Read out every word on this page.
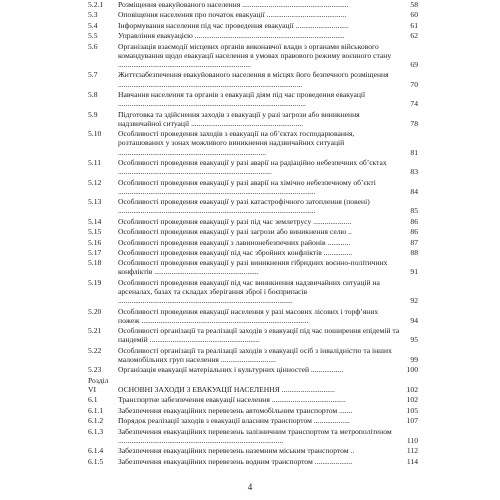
5.2.1	Розміщення евакуйованого населення ........................................................	58
5.3	Оповіщення населення про початок евакуації ..........................................	60
5.4	Інформування населення під час проведення евакуації ............................	61
5.5	Управління евакуацією ...............................................................................	62
5.6	Організація взаємодії місцевих органів виконавчої влади з органами військового командування щодо евакуації населення в умовах правового режиму воєнного стану ......................................................................	69
5.7	Життєзабезпечення евакуйованого населення в місцях його безпечного розміщення .................................................................................................	70
5.8	Навчання населення та органів з евакуації діям під час проведення евакуації ...................................................................................................	74
5.9	Підготовка та здійснення заходів з евакуації у разі загрози або виникнення надзвичайної ситуації ...........................................................	78
5.10	Особливості проведення заходів з евакуації на об’єктах господарювання, розташованих у зонах можливого виникнення надзвичайних ситуацій ..............................................................................	81
5.11	Особливості проведення евакуації у разі аварії на радіаційно небезпечних об’єктах .................................................................................	83
5.12	Особливості проведення евакуації у разі аварії на хімічно небезпечному об’єкті ........................................................................................................	84
5.13	Особливості проведення евакуації у разі катастрофічного затоплення (повені) ........................................................................................................	85
5.14	Особливості проведення евакуації у разі під час землетрусу ....................	86
5.15	Особливості проведення евакуації у разі загрози або виникнення селю ..	86
5.16	Особливості проведення евакуації з лавинонебезпечних районів ............	87
5.17	Особливості проведення евакуації під час збройних конфліктів ...............	88
5.18	Особливості проведення евакуації у разі виникнення гібридних воєнно-політичних конфліктів .......................................................	91
5.19	Особливості проведення евакуації під час виникнення надзвичайних ситуацій на арсеналах, базах та складах зберігання зброї і боєприпасів ............................................................................................	92
5.20	Особливості проведення евакуації населення у разі масових лісових і торф’яних пожеж ........................................................................................	94
5.21	Особливості організації та реалізації заходів з евакуації під час поширення епідемій та пандемій ..........................................................	95
5.22	Особливості організації та реалізації заходів з евакуації осіб з інвалідністю та інших маломобільних груп населення .............................	99
5.23	Організація евакуації матеріальних і культурних цінностей .................	100
Розділ VI	ОСНОВНІ ЗАХОДИ З ЕВАКУАЦІЇ НАСЕЛЕННЯ ............................	102
6.1	Транспортне забезпечення евакуації населення .......................................	102
6.1.1	Забезпечення евакуаційних перевезень автомобільним транспортом .......	105
6.1.2	Порядок реалізації заходів з евакуації власним транспортом ...................	107
6.1.3	Забезпечення евакуаційних перевезень залізничним транспортом та метрополітеном .......................................................................................	110
6.1.4	Забезпечення евакуаційних перевезень наземним міським транспортом ..	112
6.1.5	Забезпечення евакуаційних перевезень водним транспортом ....................	114
4
